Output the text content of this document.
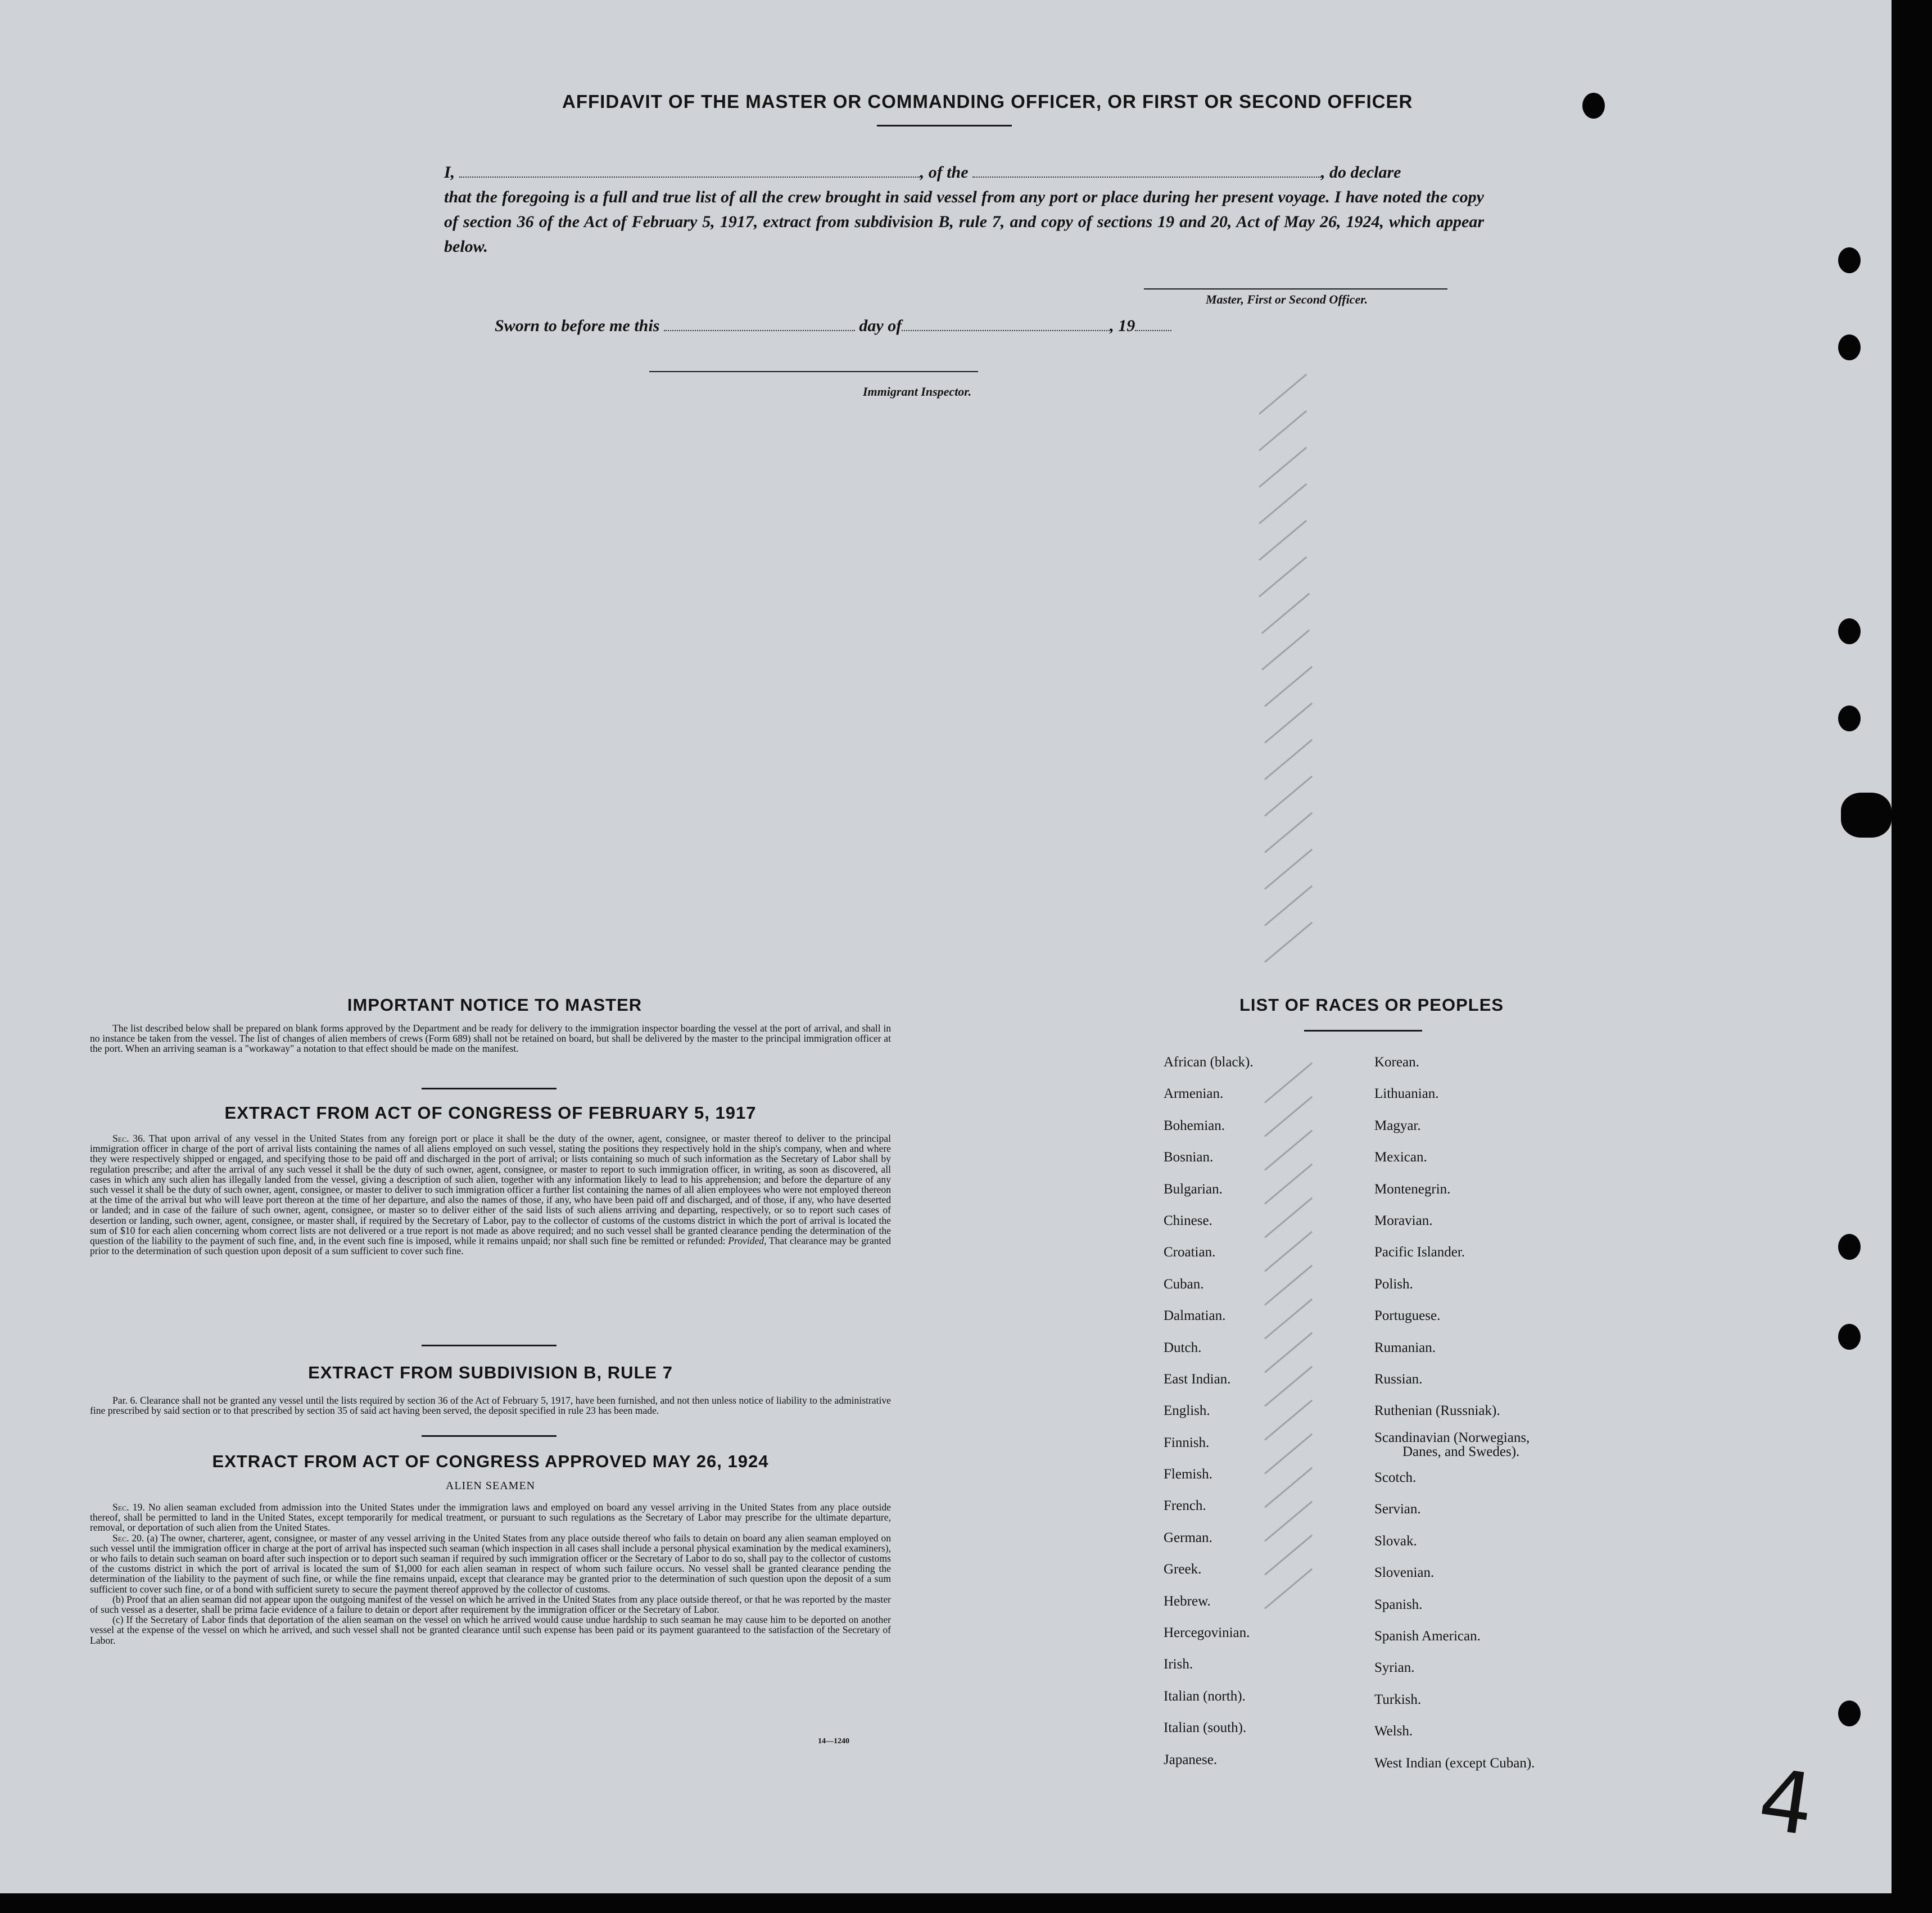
AFFIDAVIT OF THE MASTER OR COMMANDING OFFICER, OR FIRST OR SECOND OFFICER
I,	, of the	, do declare
that the foregoing is a full and true list of all the crew brought in said vessel from any port or place during her present voyage. I have noted the copy of section 36 of the Act of February 5, 1917, extract from subdivision B, rule 7, and copy of sections 19 and 20, Act of May 26, 1924, which appear below.
Master, First or Second Officer.
Sworn to before me this	day of	, 19
Immigrant Inspector.
IMPORTANT NOTICE TO MASTER
The list described below shall be prepared on blank forms approved by the Department and be ready for delivery to the immigration inspector boarding the vessel at the port of arrival, and shall in no instance be taken from the vessel. The list of changes of alien members of crews (Form 689) shall not be retained on board, but shall be delivered by the master to the principal immigration officer at the port. When an arriving seaman is a "workaway" a notation to that effect should be made on the manifest.
EXTRACT FROM ACT OF CONGRESS OF FEBRUARY 5, 1917
Sec. 36. That upon arrival of any vessel in the United States from any foreign port or place it shall be the duty of the owner, agent, consignee, or master thereof to deliver to the principal immigration officer in charge of the port of arrival lists containing the names of all aliens employed on such vessel, stating the positions they respectively hold in the ship's company, when and where they were respectively shipped or engaged, and specifying those to be paid off and discharged in the port of arrival; or lists containing so much of such information as the Secretary of Labor shall by regulation prescribe; and after the arrival of any such vessel it shall be the duty of such owner, agent, consignee, or master to report to such immigration officer, in writing, as soon as discovered, all cases in which any such alien has illegally landed from the vessel, giving a description of such alien, together with any information likely to lead to his apprehension; and before the departure of any such vessel it shall be the duty of such owner, agent, consignee, or master to deliver to such immigration officer a further list containing the names of all alien employees who were not employed thereon at the time of the arrival but who will leave port thereon at the time of her departure, and also the names of those, if any, who have been paid off and discharged, and of those, if any, who have deserted or landed; and in case of the failure of such owner, agent, consignee, or master so to deliver either of the said lists of such aliens arriving and departing, respectively, or so to report such cases of desertion or landing, such owner, agent, consignee, or master shall, if required by the Secretary of Labor, pay to the collector of customs of the customs district in which the port of arrival is located the sum of $10 for each alien concerning whom correct lists are not delivered or a true report is not made as above required; and no such vessel shall be granted clearance pending the determination of the question of the liability to the payment of such fine, and, in the event such fine is imposed, while it remains unpaid; nor shall such fine be remitted or refunded: Provided, That clearance may be granted prior to the determination of such question upon deposit of a sum sufficient to cover such fine.
EXTRACT FROM SUBDIVISION B, RULE 7
Par. 6. Clearance shall not be granted any vessel until the lists required by section 36 of the Act of February 5, 1917, have been furnished, and not then unless notice of liability to the administrative fine prescribed by said section or to that prescribed by section 35 of said act having been served, the deposit specified in rule 23 has been made.
EXTRACT FROM ACT OF CONGRESS APPROVED MAY 26, 1924
ALIEN SEAMEN
Sec. 19. No alien seaman excluded from admission into the United States under the immigration laws and employed on board any vessel arriving in the United States from any place outside thereof, shall be permitted to land in the United States, except temporarily for medical treatment, or pursuant to such regulations as the Secretary of Labor may prescribe for the ultimate departure, removal, or deportation of such alien from the United States.
Sec. 20. (a) The owner, charterer, agent, consignee, or master of any vessel arriving in the United States from any place outside thereof who fails to detain on board any alien seaman employed on such vessel until the immigration officer in charge at the port of arrival has inspected such seaman (which inspection in all cases shall include a personal physical examination by the medical examiners), or who fails to detain such seaman on board after such inspection or to deport such seaman if required by such immigration officer or the Secretary of Labor to do so, shall pay to the collector of customs of the customs district in which the port of arrival is located the sum of $1,000 for each alien seaman in respect of whom such failure occurs. No vessel shall be granted clearance pending the determination of the liability to the payment of such fine, or while the fine remains unpaid, except that clearance may be granted prior to the determination of such question upon the deposit of a sum sufficient to cover such fine, or of a bond with sufficient surety to secure the payment thereof approved by the collector of customs.
(b) Proof that an alien seaman did not appear upon the outgoing manifest of the vessel on which he arrived in the United States from any place outside thereof, or that he was reported by the master of such vessel as a deserter, shall be prima facie evidence of a failure to detain or deport after requirement by the immigration officer or the Secretary of Labor.
(c) If the Secretary of Labor finds that deportation of the alien seaman on the vessel on which he arrived would cause undue hardship to such seaman he may cause him to be deported on another vessel at the expense of the vessel on which he arrived, and such vessel shall not be granted clearance until such expense has been paid or its payment guaranteed to the satisfaction of the Secretary of Labor.
14—1240
LIST OF RACES OR PEOPLES
African (black).
Armenian.
Bohemian.
Bosnian.
Bulgarian.
Chinese.
Croatian.
Cuban.
Dalmatian.
Dutch.
East Indian.
English.
Finnish.
Flemish.
French.
German.
Greek.
Hebrew.
Hercegovinian.
Irish.
Italian (north).
Italian (south).
Japanese.
Korean.
Lithuanian.
Magyar.
Mexican.
Montenegrin.
Moravian.
Pacific Islander.
Polish.
Portuguese.
Rumanian.
Russian.
Ruthenian (Russniak).
Scandinavian (Norwegians,
Danes, and Swedes).
Scotch.
Servian.
Slovak.
Slovenian.
Spanish.
Spanish American.
Syrian.
Turkish.
Welsh.
West Indian (except Cuban).	4
